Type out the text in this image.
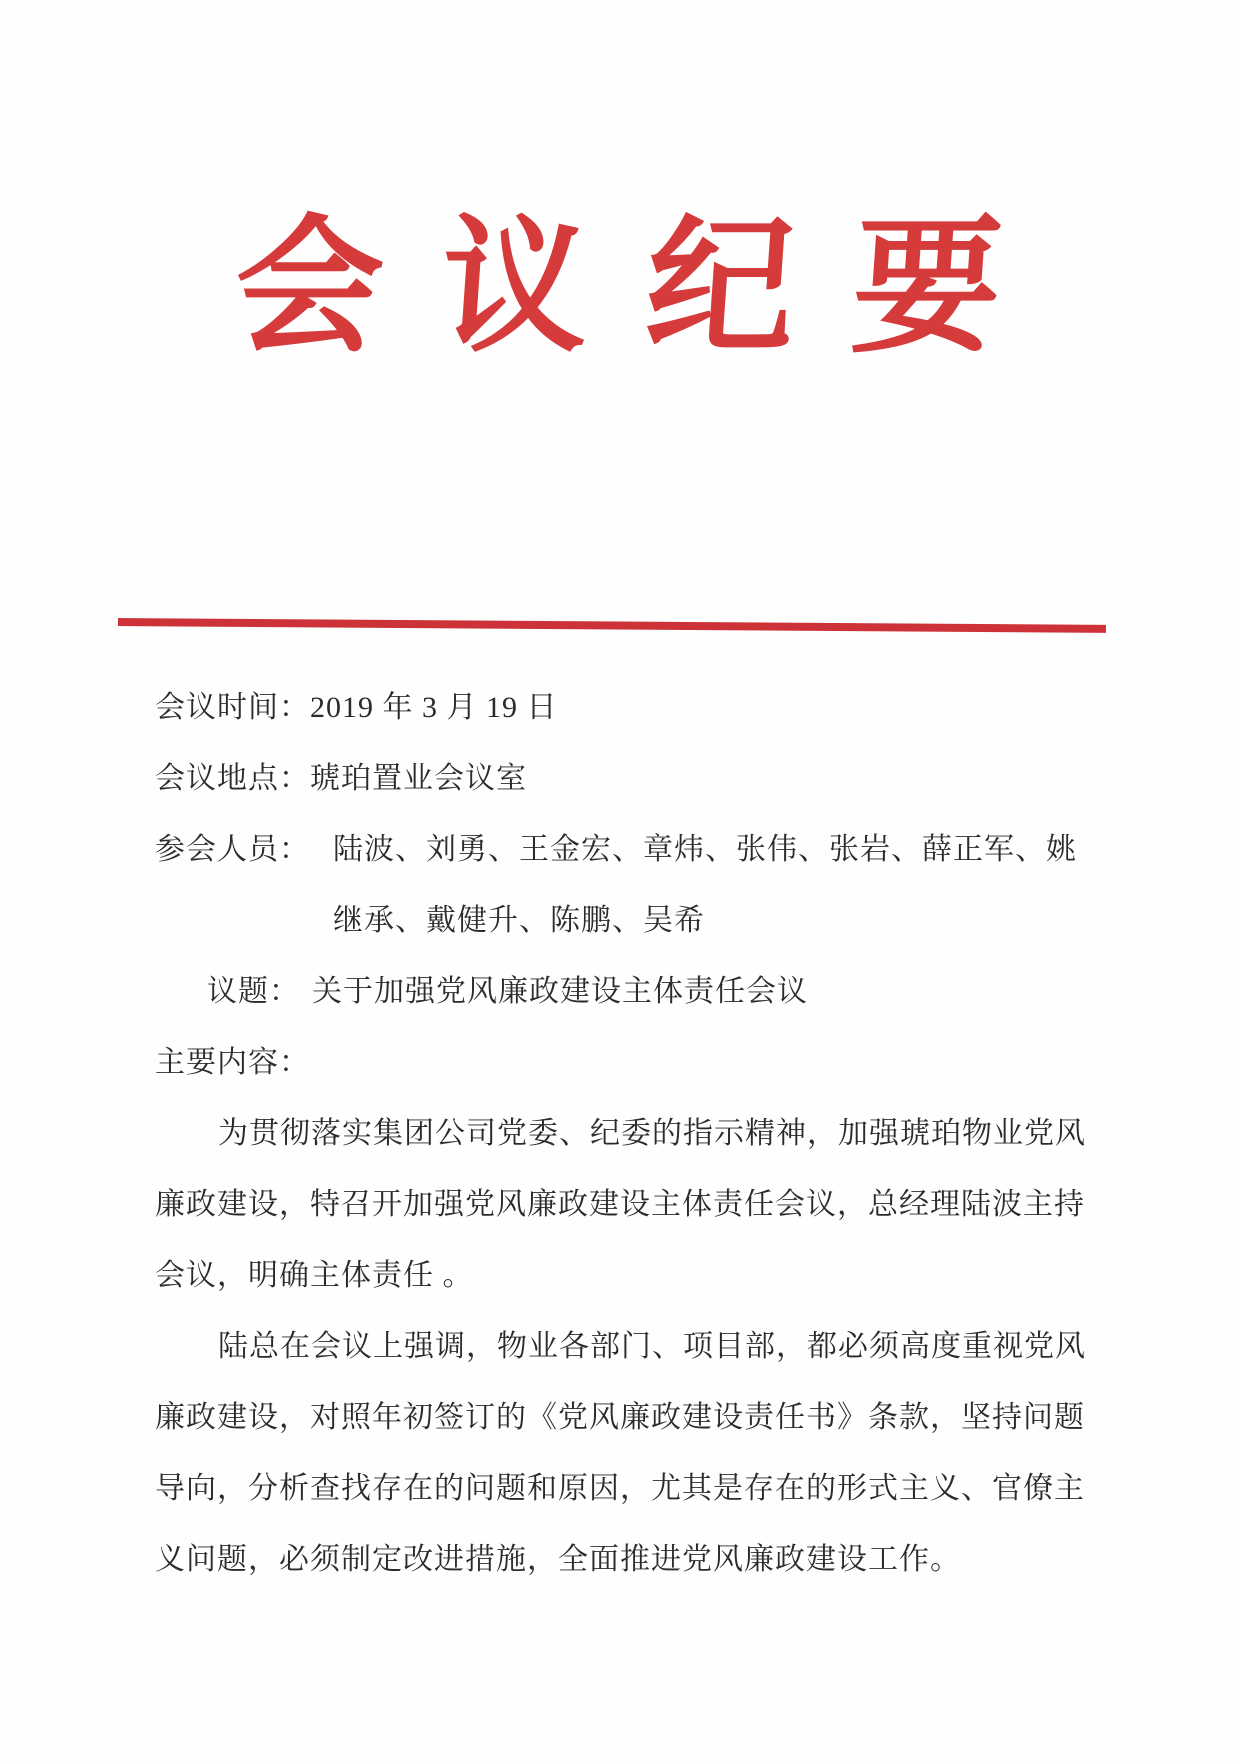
会议纪要
会议时间：2019 年 3 月 19 日
会议地点：琥珀置业会议室
参会人员： 陆波、刘勇、王金宏、章炜、张伟、张岩、薛正军、姚
继承、戴健升、陈鹏、吴希
议题： 关于加强党风廉政建设主体责任会议
主要内容：
为贯彻落实集团公司党委、纪委的指示精神，加强琥珀物业党风
廉政建设，特召开加强党风廉政建设主体责任会议，总经理陆波主持
会议，明确主体责任 。
陆总在会议上强调，物业各部门、项目部，都必须高度重视党风
廉政建设，对照年初签订的《党风廉政建设责任书》条款，坚持问题
导向，分析查找存在的问题和原因，尤其是存在的形式主义、官僚主
义问题，必须制定改进措施，全面推进党风廉政建设工作。
